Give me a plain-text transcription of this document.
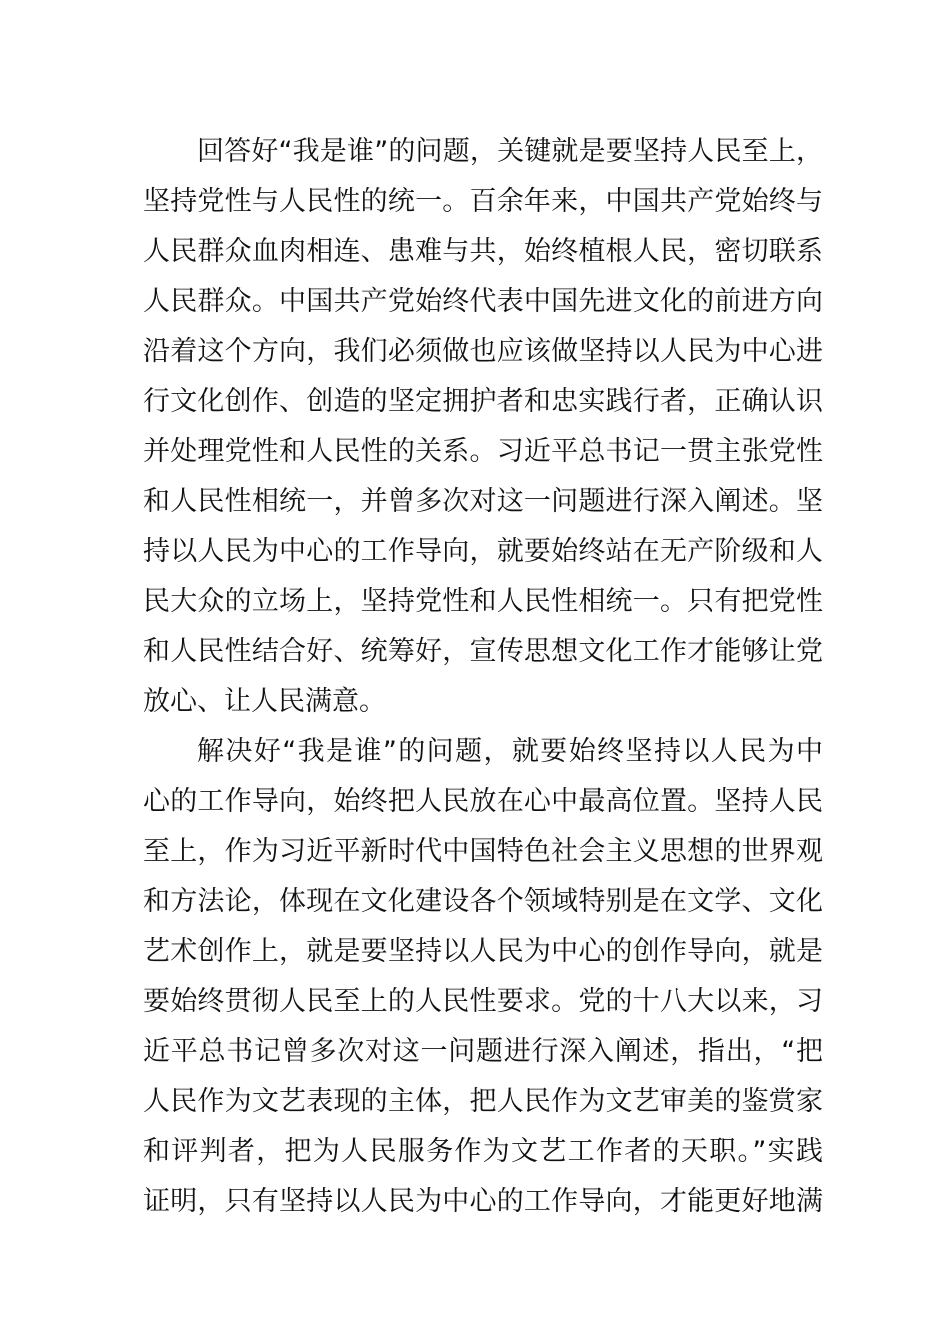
回答好“我是谁”的问题，关键就是要坚持人民至上，
坚持党性与人民性的统一。百余年来，中国共产党始终与
人民群众血肉相连、患难与共，始终植根人民，密切联系
人民群众。中国共产党始终代表中国先进文化的前进方向
沿着这个方向，我们必须做也应该做坚持以人民为中心进
行文化创作、创造的坚定拥护者和忠实践行者，正确认识
并处理党性和人民性的关系。习近平总书记一贯主张党性
和人民性相统一，并曾多次对这一问题进行深入阐述。坚
持以人民为中心的工作导向，就要始终站在无产阶级和人
民大众的立场上，坚持党性和人民性相统一。只有把党性
和人民性结合好、统筹好，宣传思想文化工作才能够让党
放心、让人民满意。
解决好“我是谁”的问题，就要始终坚持以人民为中
心的工作导向，始终把人民放在心中最高位置。坚持人民
至上，作为习近平新时代中国特色社会主义思想的世界观
和方法论，体现在文化建设各个领域特别是在文学、文化
艺术创作上，就是要坚持以人民为中心的创作导向，就是
要始终贯彻人民至上的人民性要求。党的十八大以来，习
近平总书记曾多次对这一问题进行深入阐述，指出，“把
人民作为文艺表现的主体，把人民作为文艺审美的鉴赏家
和评判者，把为人民服务作为文艺工作者的天职。”实践
证明，只有坚持以人民为中心的工作导向，才能更好地满
